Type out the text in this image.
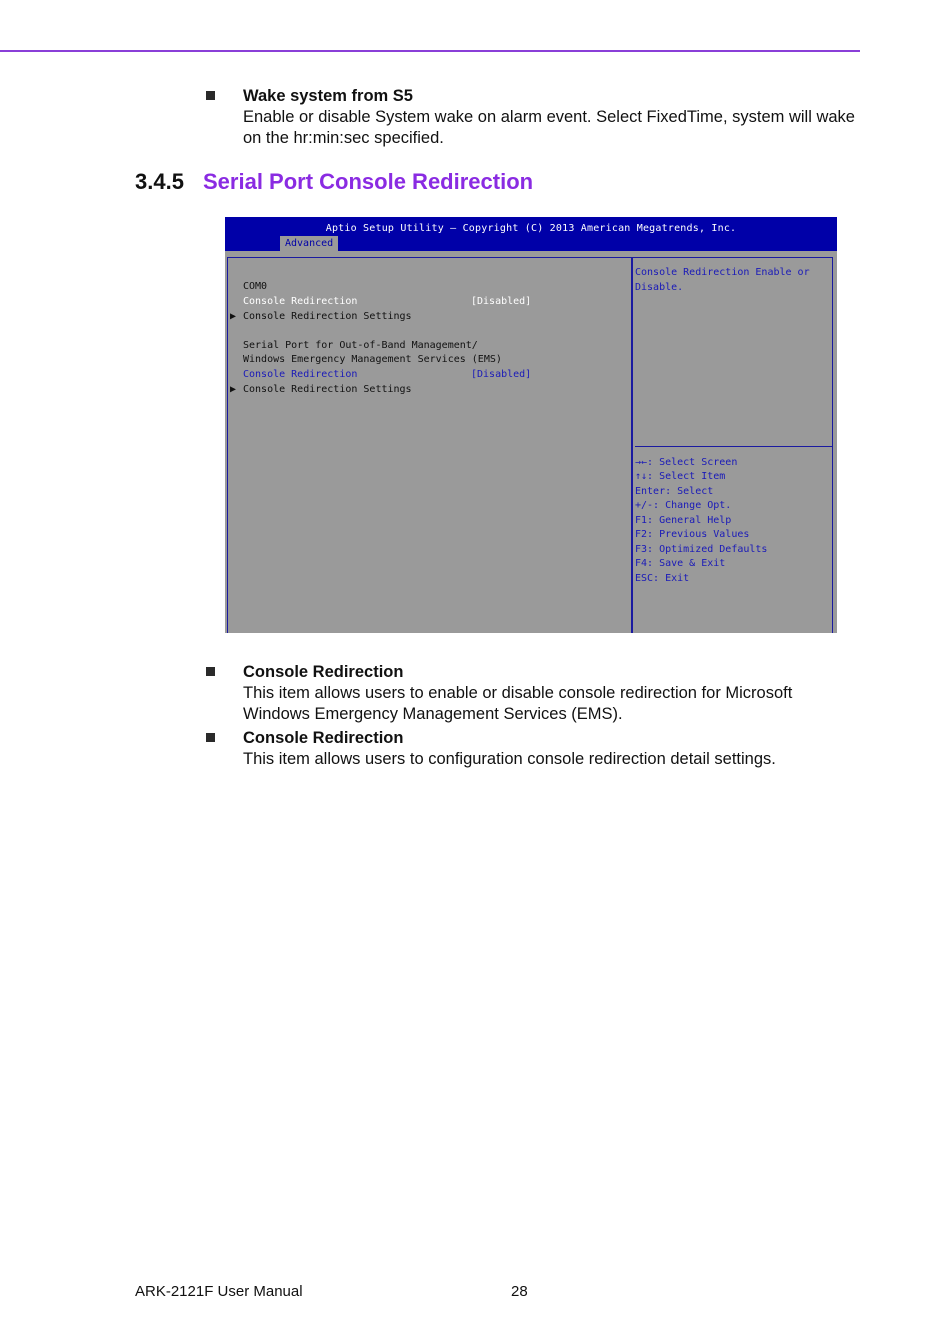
Wake system from S5
Enable or disable System wake on alarm event. Select FixedTime, system will wake on the hr:min:sec specified.
3.4.5 Serial Port Console Redirection
Aptio Setup Utility – Copyright (C) 2013 American Megatrends, Inc.
Advanced
COM0
Console Redirection	[Disabled]
▶ Console Redirection Settings
Serial Port for Out-of-Band Management/
Windows Emergency Management Services (EMS)
Console Redirection	[Disabled]
▶ Console Redirection Settings
Console Redirection Enable or
Disable.
→←: Select Screen
↑↓: Select Item
Enter: Select
+/-: Change Opt.
F1: General Help
F2: Previous Values
F3: Optimized Defaults
F4: Save & Exit
ESC: Exit
Console Redirection
This item allows users to enable or disable console redirection for Microsoft Windows Emergency Management Services (EMS).
Console Redirection
This item allows users to configuration console redirection detail settings.
ARK-2121F User Manual	28
